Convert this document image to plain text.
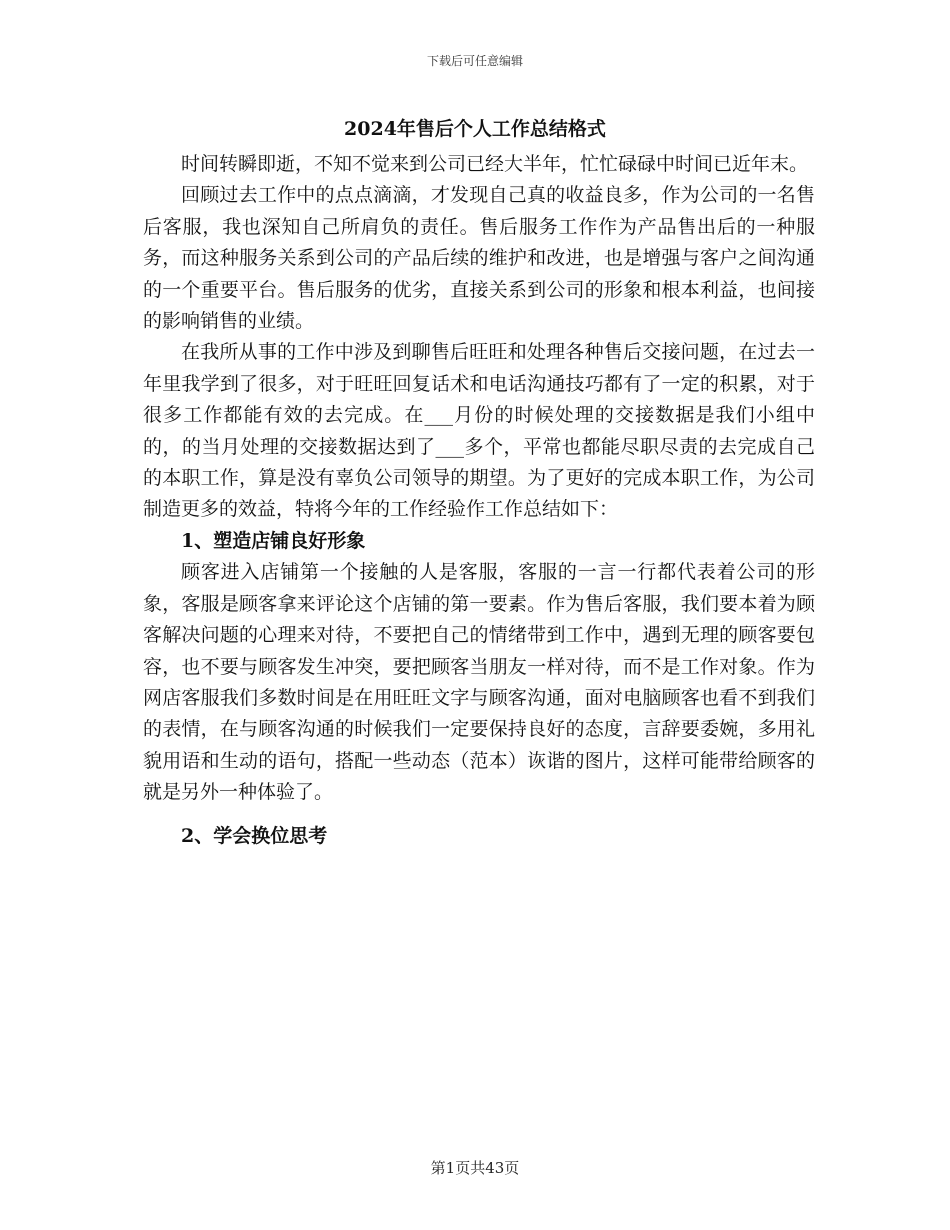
下载后可任意编辑
2024年售后个人工作总结格式

时间转瞬即逝，不知不觉来到公司已经大半年，忙忙碌碌中时间已近年末。

回顾过去工作中的点点滴滴，才发现自己真的收益良多，作为公司的一名售后客服，我也深知自己所肩负的责任。售后服务工作作为产品售出后的一种服务，而这种服务关系到公司的产品后续的维护和改进，也是增强与客户之间沟通的一个重要平台。售后服务的优劣，直接关系到公司的形象和根本利益，也间接的影响销售的业绩。

在我所从事的工作中涉及到聊售后旺旺和处理各种售后交接问题，在过去一年里我学到了很多，对于旺旺回复话术和电话沟通技巧都有了一定的积累，对于很多工作都能有效的去完成。在___月份的时候处理的交接数据是我们小组中的，的当月处理的交接数据达到了___多个，平常也都能尽职尽责的去完成自己的本职工作，算是没有辜负公司领导的期望。为了更好的完成本职工作，为公司制造更多的效益，特将今年的工作经验作工作总结如下：

1、塑造店铺良好形象

顾客进入店铺第一个接触的人是客服，客服的一言一行都代表着公司的形象，客服是顾客拿来评论这个店铺的第一要素。作为售后客服，我们要本着为顾客解决问题的心理来对待，不要把自己的情绪带到工作中，遇到无理的顾客要包容，也不要与顾客发生冲突，要把顾客当朋友一样对待，而不是工作对象。作为网店客服我们多数时间是在用旺旺文字与顾客沟通，面对电脑顾客也看不到我们的表情，在与顾客沟通的时候我们一定要保持良好的态度，言辞要委婉，多用礼貌用语和生动的语句，搭配一些动态（范本）诙谐的图片，这样可能带给顾客的就是另外一种体验了。

2、学会换位思考
第1页共43页
